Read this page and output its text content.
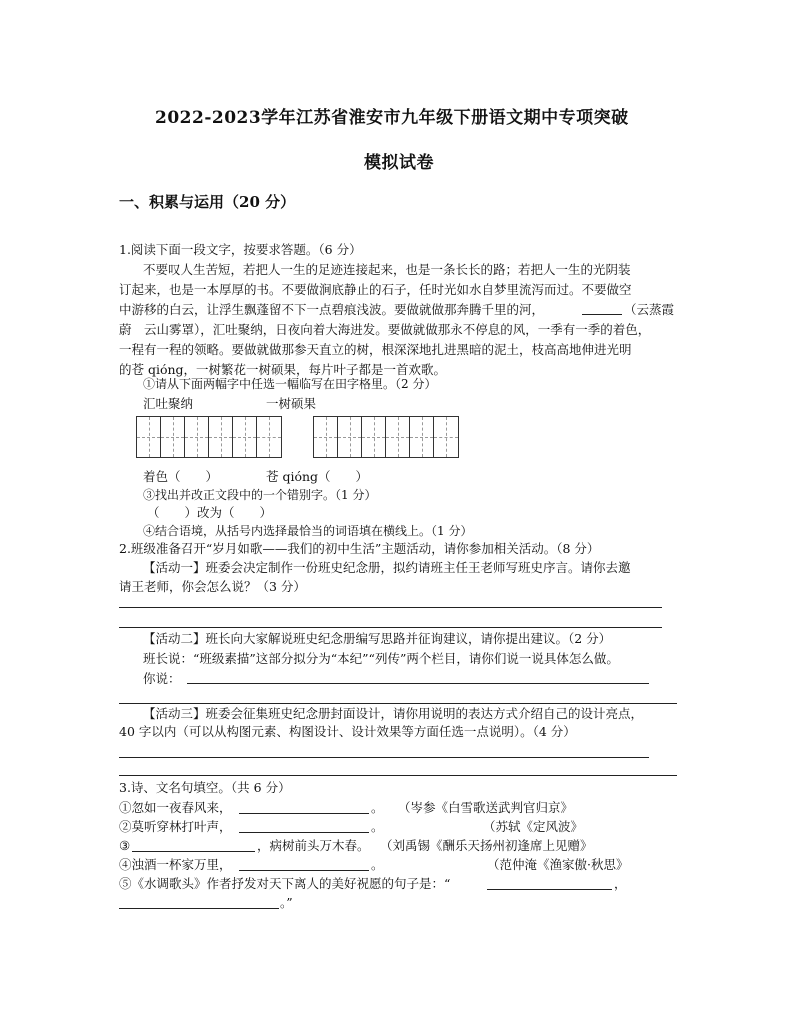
2022-2023学年江苏省淮安市九年级下册语文期中专项突破
模拟试卷
一、积累与运用（20 分）
1.阅读下面一段文字，按要求答题。（6 分）
不要叹人生苦短，若把人一生的足迹连接起来，也是一条长长的路；若把人一生的光阴装
订起来，也是一本厚厚的书。不要做涧底静止的石子，任时光如水自梦里流泻而过。不要做空
中游移的白云，让浮生飘蓬留不下一点碧痕浅波。要做就做那奔腾千里的河，	（云蒸霞
蔚　云山雾罩），汇吐聚纳，日夜向着大海进发。要做就做那永不停息的风，一季有一季的着色，
一程有一程的领略。要做就做那参天直立的树，根深深地扎进黑暗的泥土，枝高高地伸进光明
的苍 qióng，一树繁花一树硕果，每片叶子都是一首欢歌。
①请从下面两幅字中任选一幅临写在田字格里。（2 分）
汇吐聚纳	一树硕果
着色（　　）	苍 qióng（　　）
③找出并改正文段中的一个错别字。（1 分）
（　　）改为（　　）
④结合语境，从括号内选择最恰当的词语填在横线上。（1 分）
2.班级准备召开“岁月如歌——我们的初中生活”主题活动，请你参加相关活动。（8 分）
【活动一】班委会决定制作一份班史纪念册，拟约请班主任王老师写班史序言。请你去邀
请王老师，你会怎么说？（3 分）
【活动二】班长向大家解说班史纪念册编写思路并征询建议，请你提出建议。（2 分）
班长说：“班级素描”这部分拟分为“本纪”“列传”两个栏目，请你们说一说具体怎么做。
你说：
【活动三】班委会征集班史纪念册封面设计，请你用说明的表达方式介绍自己的设计亮点，
40 字以内（可以从构图元素、构图设计、设计效果等方面任选一点说明）。（4 分）
3.诗、文名句填空。（共 6 分）
①忽如一夜春风来，	。 （岑参《白雪歌送武判官归京》
②莫听穿林打叶声，	。	（苏轼《定风波》
③	，病树前头万木春。 （刘禹锡《酬乐天扬州初逢席上见赠》
④浊酒一杯家万里，	。	（范仲淹《渔家傲·秋思》
⑤《水调歌头》作者抒发对天下离人的美好祝愿的句子是：“	，
。”
